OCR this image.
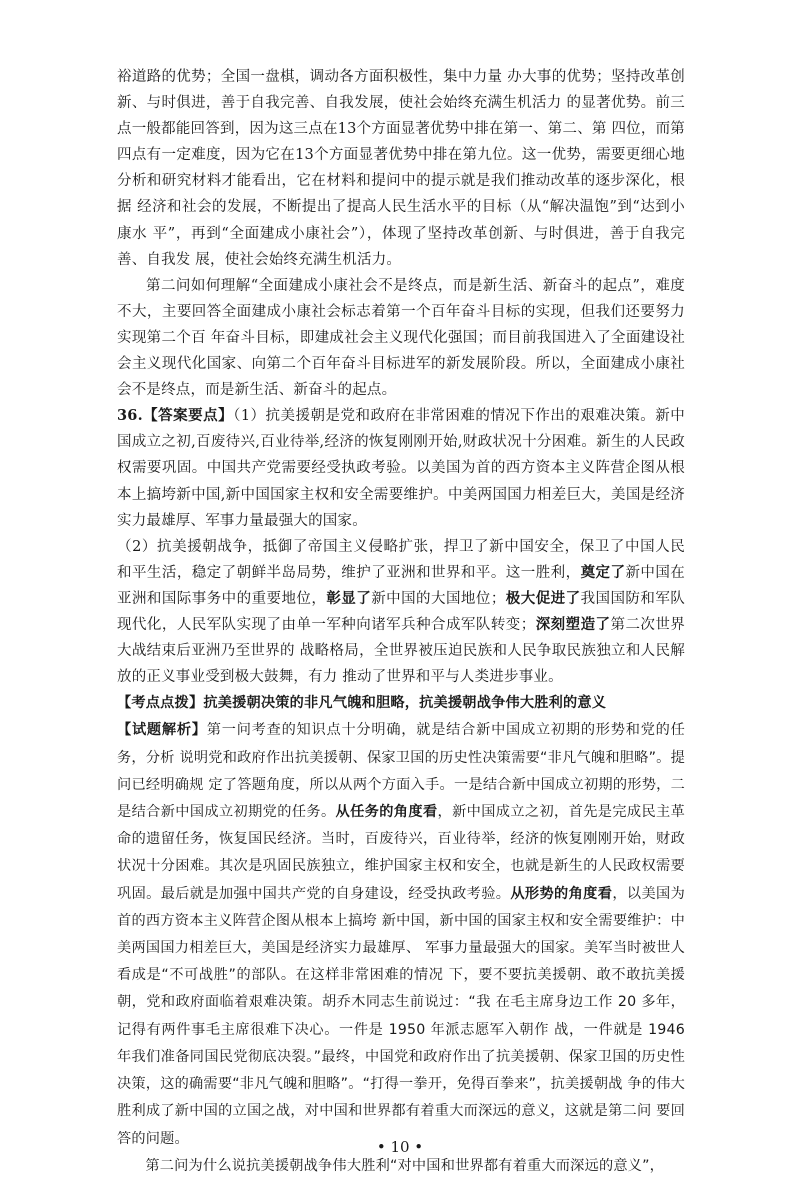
裕道路的优势；全国一盘棋，调动各方面积极性，集中力量 办大事的优势；坚持改革创新、与时俱进，善于自我完善、自我发展，使社会始终充满生机活力 的显著优势。前三点一般都能回答到，因为这三点在13个方面显著优势中排在第一、第二、第 四位，而第四点有一定难度，因为它在13个方面显著优势中排在第九位。这一优势，需要更细心地分析和研究材料才能看出，它在材料和提问中的提示就是我们推动改革的逐步深化，根据 经济和社会的发展，不断提出了提高人民生活水平的目标（从“解决温饱”到“达到小康水 平”，再到“全面建成小康社会”），体现了坚持改革创新、与时俱进，善于自我完善、自我发 展，使社会始终充满生机活力。

第二问如何理解“全面建成小康社会不是终点，而是新生活、新奋斗的起点”，难度不大，主要回答全面建成小康社会标志着第一个百年奋斗目标的实现，但我们还要努力实现第二个百 年奋斗目标，即建成社会主义现代化强国；而目前我国进入了全面建设社会主义现代化国家、向第二个百年奋斗目标进军的新发展阶段。所以，全面建成小康社会不是终点，而是新生活、新奋斗的起点。

36.【答案要点】（1）抗美援朝是党和政府在非常困难的情况下作出的艰难决策。新中国成立之初,百废待兴,百业待举,经济的恢复刚刚开始,财政状况十分困难。新生的人民政权需要巩固。中国共产党需要经受执政考验。以美国为首的西方资本主义阵营企图从根本上搞垮新中国,新中国国家主权和安全需要维护。中美两国国力相差巨大，美国是经济实力最雄厚、军事力量最强大的国家。

（2）抗美援朝战争，抵御了帝国主义侵略扩张，捍卫了新中国安全，保卫了中国人民和平生活，稳定了朝鲜半岛局势，维护了亚洲和世界和平。这一胜利，奠定了新中国在亚洲和国际事务中的重要地位，彰显了新中国的大国地位；极大促进了我国国防和军队现代化，人民军队实现了由单一军种向诸军兵种合成军队转变；深刻塑造了第二次世界大战结束后亚洲乃至世界的 战略格局，全世界被压迫民族和人民争取民族独立和人民解放的正义事业受到极大鼓舞，有力 推动了世界和平与人类进步事业。

【考点点拨】抗美援朝决策的非凡气魄和胆略，抗美援朝战争伟大胜利的意义

【试题解析】第一问考查的知识点十分明确，就是结合新中国成立初期的形势和党的任务，分析 说明党和政府作出抗美援朝、保家卫国的历史性决策需要“非凡气魄和胆略”。提问已经明确规 定了答题角度，所以从两个方面入手。一是结合新中国成立初期的形势，二是结合新中国成立初期党的任务。从任务的角度看，新中国成立之初，首先是完成民主革命的遗留任务，恢复国民经济。当时，百废待兴，百业待举，经济的恢复刚刚开始，财政状况十分困难。其次是巩固民族独立，维护国家主权和安全，也就是新生的人民政权需要巩固。最后就是加强中国共产党的自身建设，经受执政考验。从形势的角度看，以美国为首的西方资本主义阵营企图从根本上搞垮 新中国，新中国的国家主权和安全需要维护：中美两国国力相差巨大，美国是经济实力最雄厚、 军事力量最强大的国家。美军当时被世人看成是“不可战胜”的部队。在这样非常困难的情况 下，要不要抗美援朝、敢不敢抗美援朝，党和政府面临着艰难决策。胡乔木同志生前说过：“我 在毛主席身边工作 20 多年，记得有两件事毛主席很难下决心。一件是 1950 年派志愿军入朝作 战，一件就是 1946 年我们准备同国民党彻底决裂。”最终，中国党和政府作出了抗美援朝、保家卫国的历史性决策，这的确需要“非凡气魄和胆略”。“打得一拳开，免得百拳来”，抗美援朝战 争的伟大胜利成了新中国的立国之战，对中国和世界都有着重大而深远的意义，这就是第二问 要回答的问题。

第二问为什么说抗美援朝战争伟大胜利“对中国和世界都有着重大而深远的意义”，

• 10 •
